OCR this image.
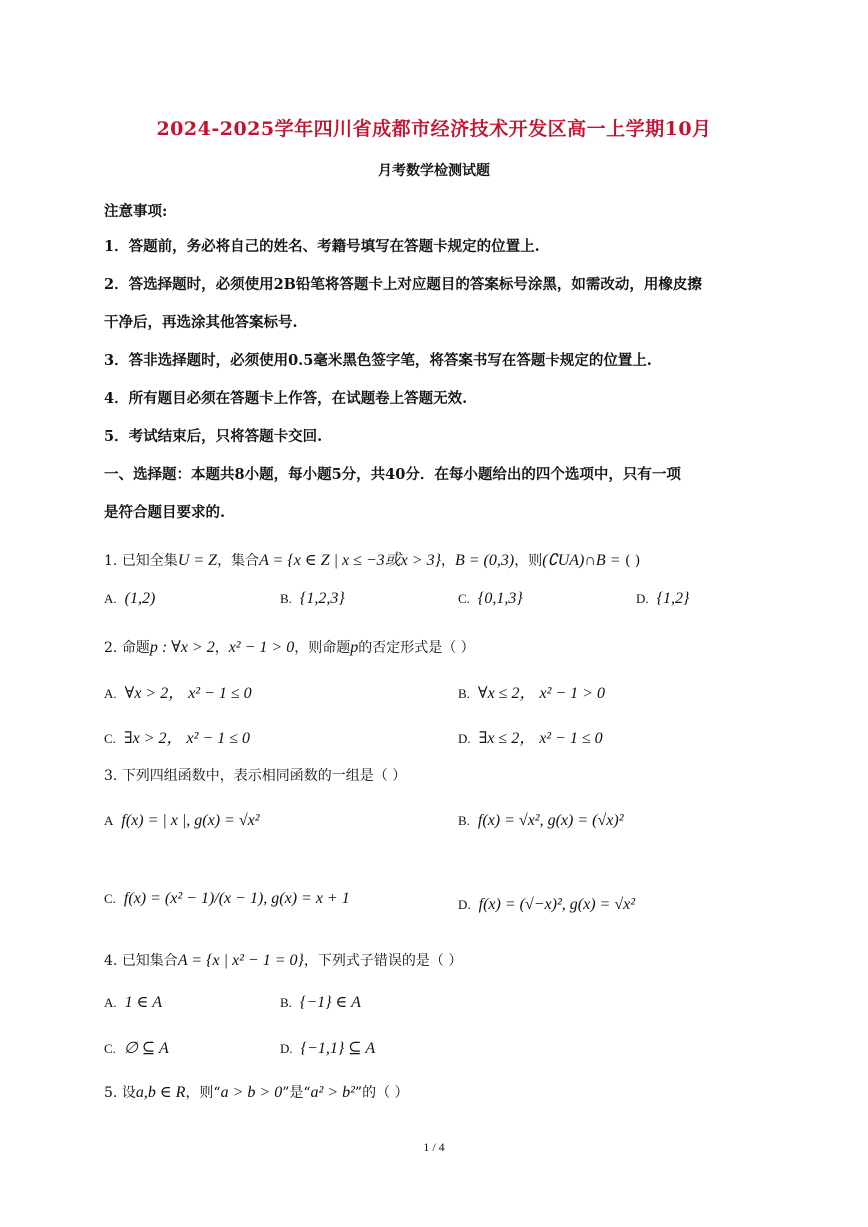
2024-2025学年四川省成都市经济技术开发区高一上学期10月
月考数学检测试题
注意事项:
1．答题前，务必将自己的姓名、考籍号填写在答题卡规定的位置上.
2．答选择题时，必须使用2B铅笔将答题卡上对应题目的答案标号涂黑，如需改动，用橡皮擦
干净后，再选涂其他答案标号.
3．答非选择题时，必须使用0.5毫米黑色签字笔，将答案书写在答题卡规定的位置上.
4．所有题目必须在答题卡上作答，在试题卷上答题无效.
5．考试结束后，只将答题卡交回.
一、选择题：本题共8小题，每小题5分，共40分．在每小题给出的四个选项中，只有一项
是符合题目要求的.
1. 已知全集U = Z，集合A = {x ∈ Z | x ≤ −3或x > 3}，B = (0,3)，则(∁UA)∩B = ( )
A. (1,2)	B. {1,2,3}	C. {0,1,3}	D. {1,2}
2. 命题p : ∀x > 2，x² − 1 > 0，则命题p的否定形式是（ ）
A. ∀x > 2， x² − 1 ≤ 0	B. ∀x ≤ 2， x² − 1 > 0
C. ∃x > 2， x² − 1 ≤ 0	D. ∃x ≤ 2， x² − 1 ≤ 0
3. 下列四组函数中，表示相同函数的一组是（ ）
A f(x) = | x |, g(x) = √x²	B. f(x) = √x², g(x) = (√x)²
C. f(x) = (x² − 1)/(x − 1), g(x) = x + 1	D. f(x) = (√−x)², g(x) = √x²
4. 已知集合A = {x | x² − 1 = 0}，下列式子错误的是（ ）
A. 1 ∈ A	B. {−1} ∈ A
C. ∅ ⊆ A	D. {−1,1} ⊆ A
5. 设a,b ∈ R，则“a > b > 0”是“a² > b²”的（ ）
1 / 4
